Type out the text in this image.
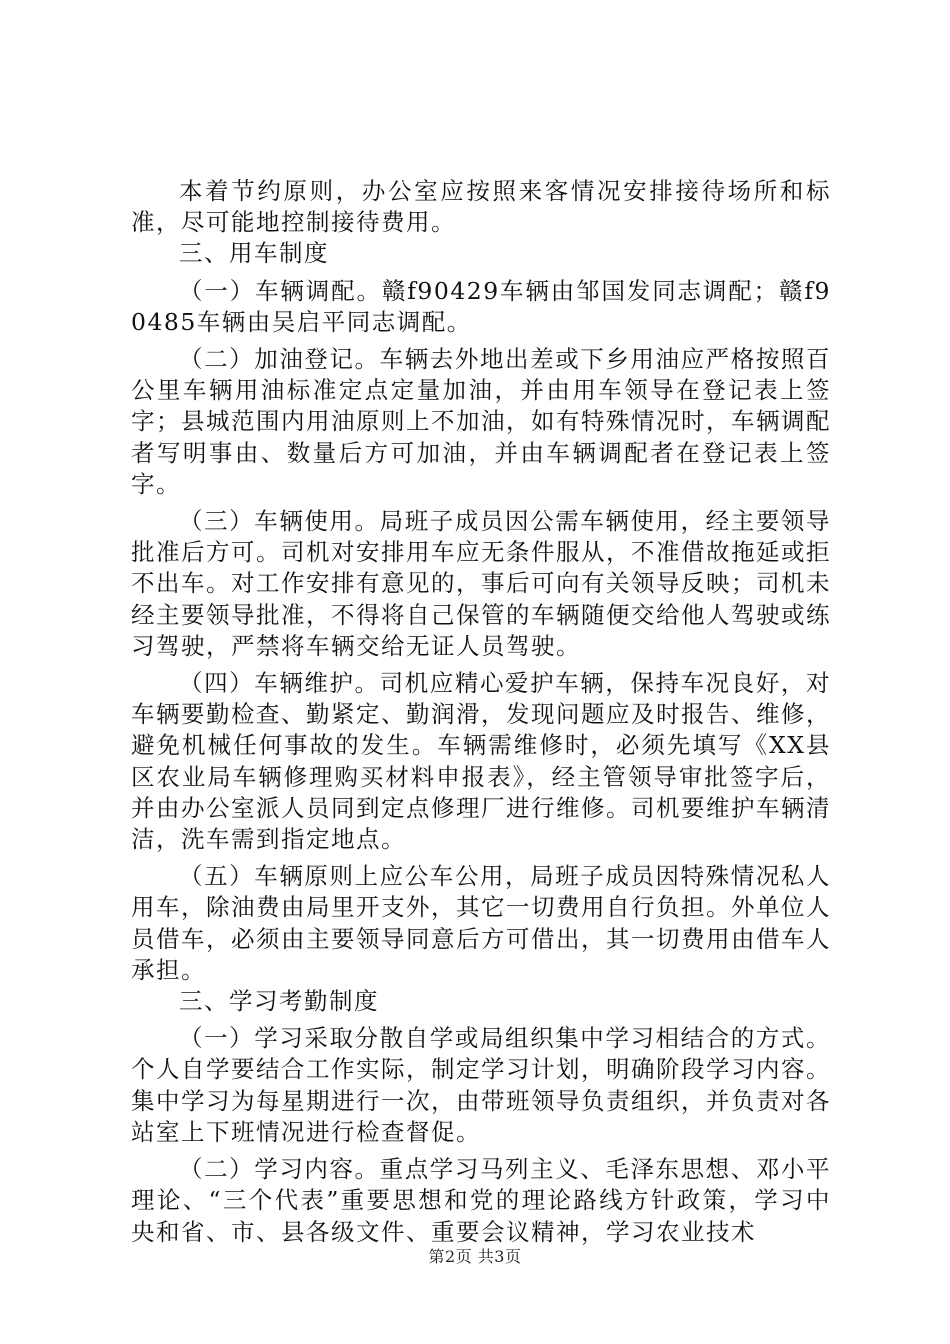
本着节约原则，办公室应按照来客情况安排接待场所和标准，尽可能地控制接待费用。

三、用车制度

（一）车辆调配。赣f90429车辆由邹国发同志调配；赣f90485车辆由吴启平同志调配。

（二）加油登记。车辆去外地出差或下乡用油应严格按照百公里车辆用油标准定点定量加油，并由用车领导在登记表上签字；县城范围内用油原则上不加油，如有特殊情况时，车辆调配者写明事由、数量后方可加油，并由车辆调配者在登记表上签字。

（三）车辆使用。局班子成员因公需车辆使用，经主要领导批准后方可。司机对安排用车应无条件服从，不准借故拖延或拒不出车。对工作安排有意见的，事后可向有关领导反映；司机未经主要领导批准，不得将自己保管的车辆随便交给他人驾驶或练习驾驶，严禁将车辆交给无证人员驾驶。

（四）车辆维护。司机应精心爱护车辆，保持车况良好，对车辆要勤检查、勤紧定、勤润滑，发现问题应及时报告、维修，避免机械任何事故的发生。车辆需维修时，必须先填写《XX县区农业局车辆修理购买材料申报表》，经主管领导审批签字后，并由办公室派人员同到定点修理厂进行维修。司机要维护车辆清洁，洗车需到指定地点。

（五）车辆原则上应公车公用，局班子成员因特殊情况私人用车，除油费由局里开支外，其它一切费用自行负担。外单位人员借车，必须由主要领导同意后方可借出，其一切费用由借车人承担。

三、学习考勤制度

（一）学习采取分散自学或局组织集中学习相结合的方式。个人自学要结合工作实际，制定学习计划，明确阶段学习内容。集中学习为每星期进行一次，由带班领导负责组织，并负责对各站室上下班情况进行检查督促。

（二）学习内容。重点学习马列主义、毛泽东思想、邓小平理论、“三个代表”重要思想和党的理论路线方针政策，学习中央和省、市、县各级文件、重要会议精神，学习农业技术

第2页 共3页
